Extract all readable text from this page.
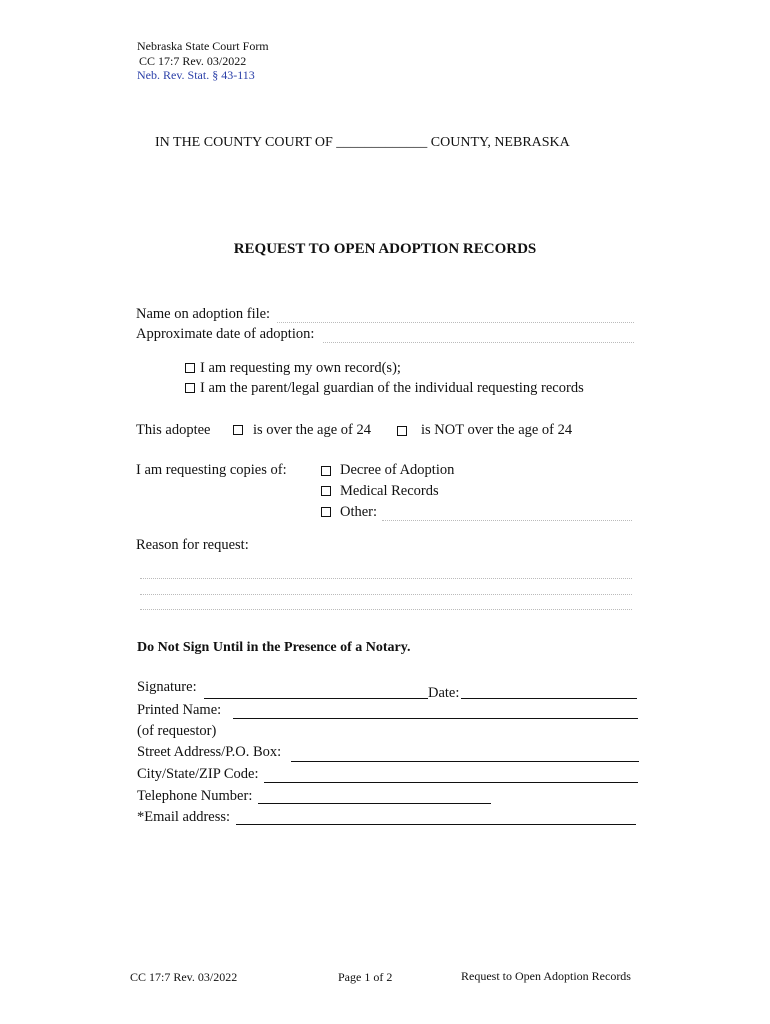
Nebraska State Court Form
CC 17:7 Rev. 03/2022
Neb. Rev. Stat. § 43-113
IN THE COUNTY COURT OF _____________ COUNTY, NEBRASKA
REQUEST TO OPEN ADOPTION RECORDS
Name on adoption file:
Approximate date of adoption:
I am requesting my own record(s);
I am the parent/legal guardian of the individual requesting records
This adoptee	is over the age of 24	is NOT over the age of 24
I am requesting copies of:	Decree of Adoption
Medical Records
Other:
Reason for request:
Do Not Sign Until in the Presence of a Notary.
Signature:	Date:
Printed Name:
(of requestor)
Street Address/P.O. Box:
City/State/ZIP Code:
Telephone Number:
*Email address:
CC 17:7 Rev. 03/2022	Page 1 of 2	Request to Open Adoption Records
